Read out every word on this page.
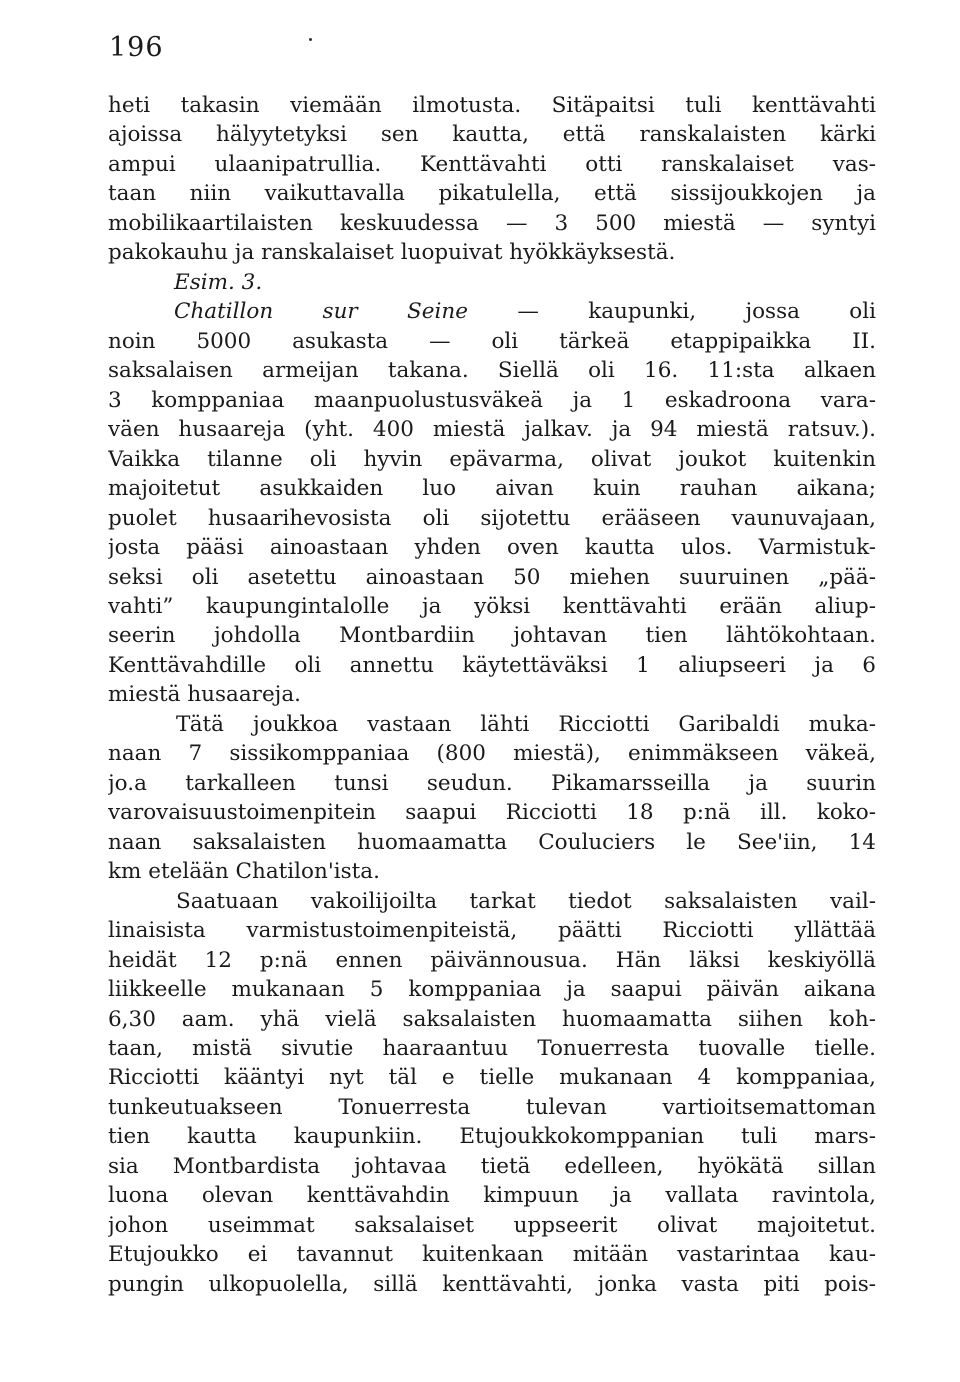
196
heti takasin viemään ilmotusta. Sitäpaitsi tuli kenttävahti
ajoissa hälyytetyksi sen kautta, että ranskalaisten kärki
ampui ulaanipatrullia. Kenttävahti otti ranskalaiset vas-
taan niin vaikuttavalla pikatulella, että sissijoukkojen ja
mobilikaartilaisten keskuudessa — 3 500 miestä — syntyi
pakokauhu ja ranskalaiset luopuivat hyökkäyksestä.
Esim. 3.
Chatillon sur Seine — kaupunki, jossa oli
noin 5000 asukasta — oli tärkeä etappipaikka II.
saksalaisen armeijan takana. Siellä oli 16. 11:sta alkaen
3 komppaniaa maanpuolustusväkeä ja 1 eskadroona vara-
väen husaareja (yht. 400 miestä jalkav. ja 94 miestä ratsuv.).
Vaikka tilanne oli hyvin epävarma, olivat joukot kuitenkin
majoitetut asukkaiden luo aivan kuin rauhan aikana;
puolet husaarihevosista oli sijotettu erääseen vaunuvajaan,
josta pääsi ainoastaan yhden oven kautta ulos. Varmistuk-
seksi oli asetettu ainoastaan 50 miehen suuruinen „pää-
vahti” kaupungintalolle ja yöksi kenttävahti erään aliup-
seerin johdolla Montbardiin johtavan tien lähtökohtaan.
Kenttävahdille oli annettu käytettäväksi 1 aliupseeri ja 6
miestä husaareja.
Tätä joukkoa vastaan lähti Ricciotti Garibaldi muka-
naan 7 sissikomppaniaa (800 miestä), enimmäkseen väkeä,
jo.a tarkalleen tunsi seudun. Pikamarsseilla ja suurin
varovaisuustoimenpitein saapui Ricciotti 18 p:nä ill. koko-
naan saksalaisten huomaamatta Couluciers le See'iin, 14
km etelään Chatilon'ista.
Saatuaan vakoilijoilta tarkat tiedot saksalaisten vail-
linaisista varmistustoimenpiteistä, päätti Ricciotti yllättää
heidät 12 p:nä ennen päivännousua. Hän läksi keskiyöllä
liikkeelle mukanaan 5 komppaniaa ja saapui päivän aikana
6,30 aam. yhä vielä saksalaisten huomaamatta siihen koh-
taan, mistä sivutie haaraantuu Tonuerresta tuovalle tielle.
Ricciotti kääntyi nyt täl e tielle mukanaan 4 komppaniaa,
tunkeutuakseen Tonuerresta tulevan vartioitsemattoman
tien kautta kaupunkiin. Etujoukkokomppanian tuli mars-
sia Montbardista johtavaa tietä edelleen, hyökätä sillan
luona olevan kenttävahdin kimpuun ja vallata ravintola,
johon useimmat saksalaiset uppseerit olivat majoitetut.
Etujoukko ei tavannut kuitenkaan mitään vastarintaa kau-
pungin ulkopuolella, sillä kenttävahti, jonka vasta piti pois-
